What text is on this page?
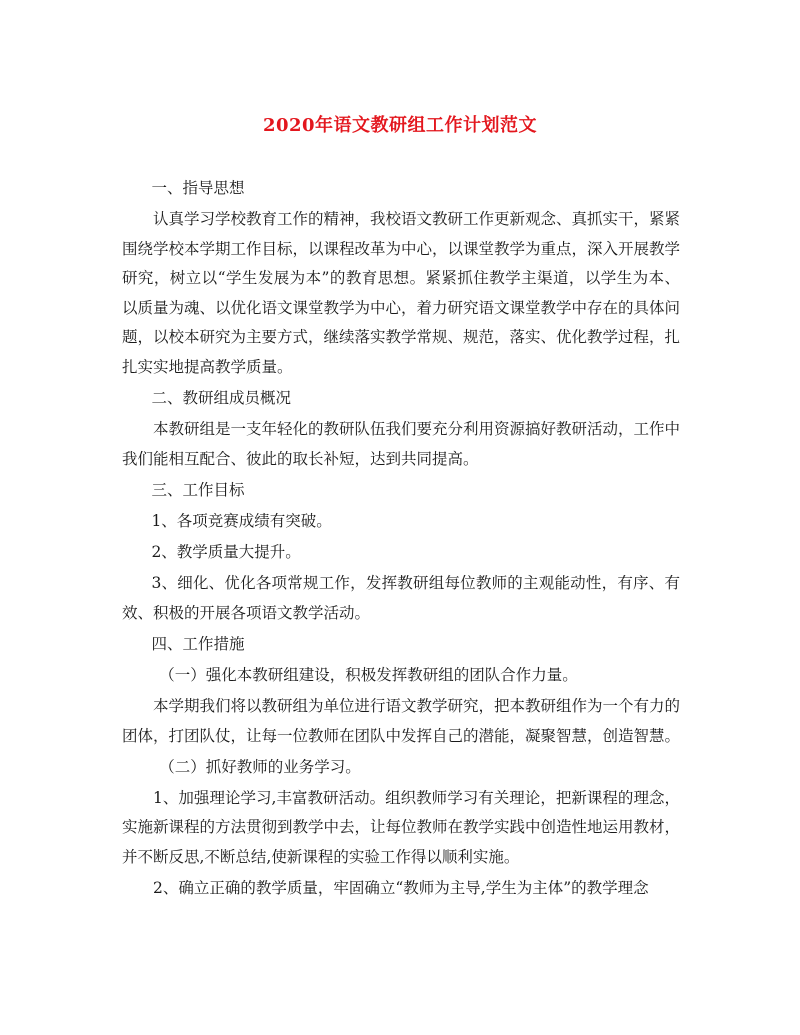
2020年语文教研组工作计划范文

一、指导思想

认真学习学校教育工作的精神，我校语文教研工作更新观念、真抓实干，紧紧围绕学校本学期工作目标，以课程改革为中心，以课堂教学为重点，深入开展教学研究，树立以“学生发展为本”的教育思想。紧紧抓住教学主渠道，以学生为本、以质量为魂、以优化语文课堂教学为中心，着力研究语文课堂教学中存在的具体问题，以校本研究为主要方式，继续落实教学常规、规范，落实、优化教学过程，扎扎实实地提高教学质量。

二、教研组成员概况

本教研组是一支年轻化的教研队伍我们要充分利用资源搞好教研活动，工作中我们能相互配合、彼此的取长补短，达到共同提高。

三、工作目标

1、各项竞赛成绩有突破。

2、教学质量大提升。

3、细化、优化各项常规工作，发挥教研组每位教师的主观能动性，有序、有效、积极的开展各项语文教学活动。

四、工作措施

（一）强化本教研组建设，积极发挥教研组的团队合作力量。

本学期我们将以教研组为单位进行语文教学研究，把本教研组作为一个有力的团体，打团队仗，让每一位教师在团队中发挥自己的潜能，凝聚智慧，创造智慧。

（二）抓好教师的业务学习。

1、加强理论学习,丰富教研活动。组织教师学习有关理论，把新课程的理念，实施新课程的方法贯彻到教学中去，让每位教师在教学实践中创造性地运用教材，并不断反思,不断总结,使新课程的实验工作得以顺利实施。

2、确立正确的教学质量，牢固确立“教师为主导,学生为主体”的教学理念
